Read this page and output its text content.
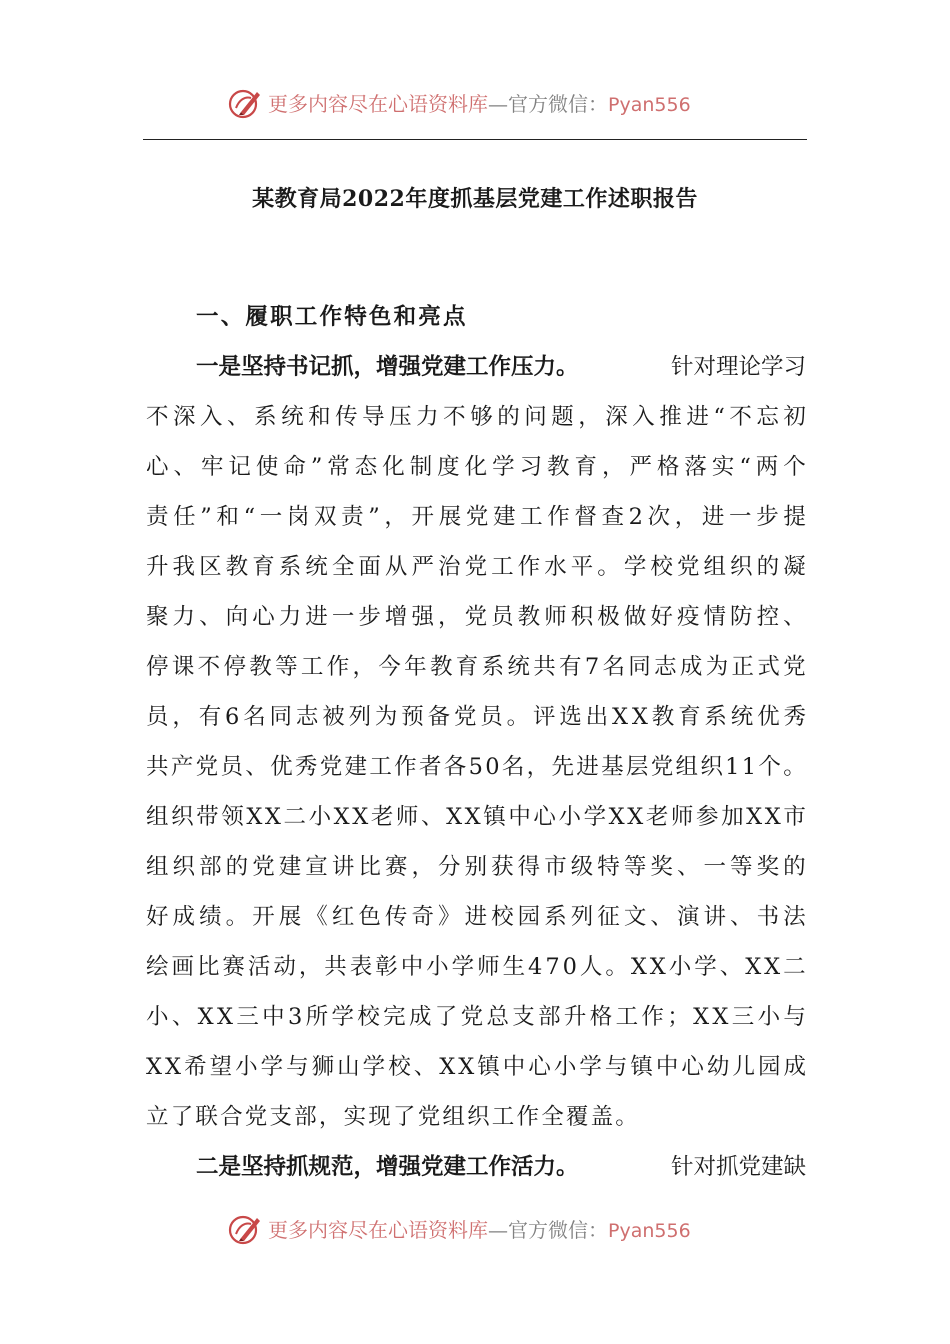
更多内容尽在心语资料库—官方微信：Pyan556
某教育局2022年度抓基层党建工作述职报告
一、履职工作特色和亮点
一是坚持书记抓，增强党建工作压力。	针对理论学习
不 深 入 、 系 统 和 传 导 压 力 不 够 的 问 题 ， 深 入 推 进 “ 不 忘 初
心 、 牢 记 使 命 ” 常 态 化 制 度 化 学 习 教 育 ， 严 格 落 实 “ 两 个
责 任 ” 和 “ 一 岗 双 责 ” ， 开 展 党 建 工 作 督 查 2 次 ， 进 一 步 提
升 我 区 教 育 系 统 全 面 从 严 治 党 工 作 水 平 。 学 校 党 组 织 的 凝
聚 力 、 向 心 力 进 一 步 增 强 ， 党 员 教 师 积 极 做 好 疫 情 防 控 、
停 课 不 停 教 等 工 作 ， 今 年 教 育 系 统 共 有 7 名 同 志 成 为 正 式 党
员 ， 有 6 名 同 志 被 列 为 预 备 党 员 。 评 选 出 X X 教 育 系 统 优 秀
共 产 党 员 、 优 秀 党 建 工 作 者 各 5 0 名 ， 先 进 基 层 党 组 织 1 1 个 。
组 织 带 领 X X 二 小 X X 老 师 、 X X 镇 中 心 小 学 X X 老 师 参 加 X X 市
组 织 部 的 党 建 宣 讲 比 赛 ， 分 别 获 得 市 级 特 等 奖 、 一 等 奖 的
好 成 绩 。 开 展 《 红 色 传 奇 》 进 校 园 系 列 征 文 、 演 讲 、 书 法
绘 画 比 赛 活 动 ， 共 表 彰 中 小 学 师 生 4 7 0 人 。 X X 小 学 、 X X 二
小 、 X X 三 中 3 所 学 校 完 成 了 党 总 支 部 升 格 工 作 ； X X 三 小 与
X X 希 望 小 学 与 狮 山 学 校 、 X X 镇 中 心 小 学 与 镇 中 心 幼 儿 园 成
立了联合党支部，实现了党组织工作全覆盖。
二是坚持抓规范，增强党建工作活力。	针对抓党建缺
更多内容尽在心语资料库—官方微信：Pyan556
